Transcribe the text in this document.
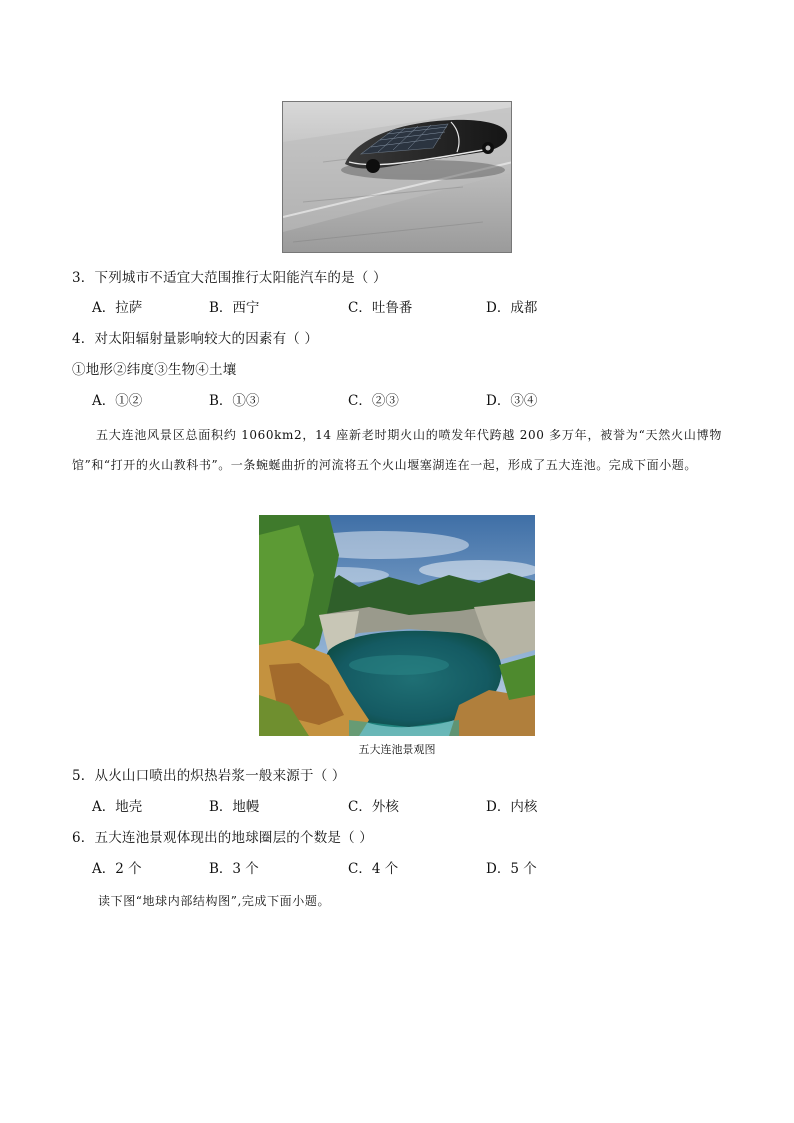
3．下列城市不适宜大范围推行太阳能汽车的是（ ）
A．拉萨	B．西宁	C．吐鲁番	D．成都
4．对太阳辐射量影响较大的因素有（ ）
①地形②纬度③生物④土壤
A．①②	B．①③	C．②③	D．③④
五大连池风景区总面积约 1060km2，14 座新老时期火山的喷发年代跨越 200 多万年，被誉为“天然火山博物馆”和“打开的火山教科书”。一条蜿蜒曲折的河流将五个火山堰塞湖连在一起，形成了五大连池。完成下面小题。
五大连池景观图
5．从火山口喷出的炽热岩浆一般来源于（ ）
A．地壳	B．地幔	C．外核	D．内核
6．五大连池景观体现出的地球圈层的个数是（ ）
A．2 个	B．3 个	C．4 个	D．5 个
读下图“地球内部结构图”,完成下面小题。
